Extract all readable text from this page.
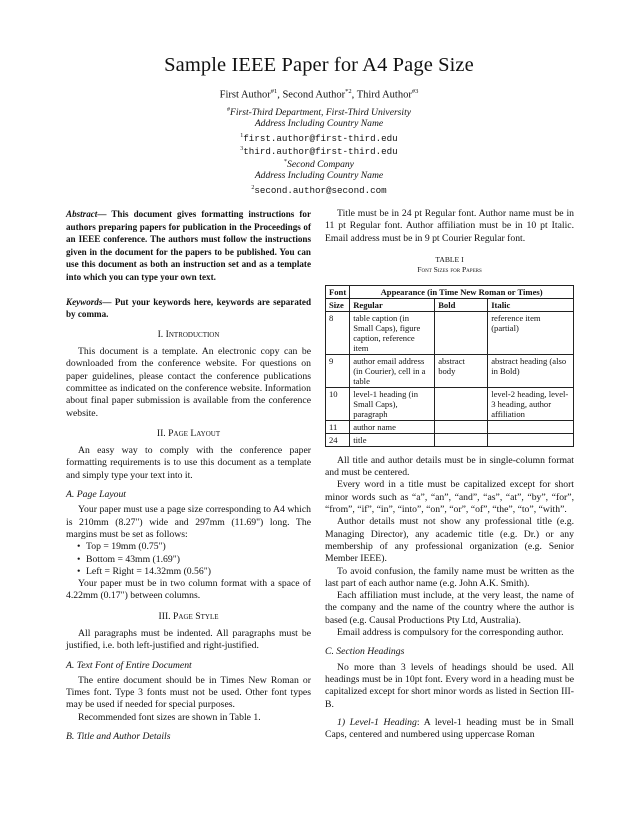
Sample IEEE Paper for A4 Page Size
First Author$^{\#1}$, Second Author$^{*2}$, Third Author$^{\#3}$
#First-Third Department, First-Third University
Address Including Country Name
$^1$first.author@first-third.edu
$^3$third.author@first-third.edu
*Second Company
Address Including Country Name
$^2$second.author@second.com

Abstract— This document gives formatting instructions for authors preparing papers for publication in the Proceedings of an IEEE conference. The authors must follow the instructions given in the document for the papers to be published. You can use this document as both an instruction set and as a template into which you can type your own text.

Keywords— Put your keywords here, keywords are separated by comma.

I. Introduction

This document is a template. An electronic copy can be downloaded from the conference website. For questions on paper guidelines, please contact the conference publications committee as indicated on the conference website. Information about final paper submission is available from the conference website.

II. Page Layout

An easy way to comply with the conference paper formatting requirements is to use this document as a template and simply type your text into it.

A. Page Layout

Your paper must use a page size corresponding to A4 which is 210mm (8.27") wide and 297mm (11.69") long. The margins must be set as follows:

• Top = 19mm (0.75")
• Bottom = 43mm (1.69")
• Left = Right = 14.32mm (0.56")

Your paper must be in two column format with a space of 4.22mm (0.17") between columns.

III. Page Style

All paragraphs must be indented. All paragraphs must be justified, i.e. both left-justified and right-justified.

A. Text Font of Entire Document

The entire document should be in Times New Roman or Times font. Type 3 fonts must not be used. Other font types may be used if needed for special purposes.

Recommended font sizes are shown in Table 1.

B. Title and Author Details

Title must be in 24 pt Regular font. Author name must be in 11 pt Regular font. Author affiliation must be in 10 pt Italic. Email address must be in 9 pt Courier Regular font.

TABLE I
Font Sizes for Papers
Font	Appearance (in Time New Roman or Times)		
Size	Regular	Bold	Italic
8	table caption (in Small Caps), figure caption, reference item		reference item (partial)
9	author email address (in Courier), cell in a table	abstract body	abstract heading (also in Bold)
10	level-1 heading (in Small Caps), paragraph		level-2 heading, level-3 heading, author affiliation
11	author name		
24	title		

All title and author details must be in single-column format and must be centered.

Every word in a title must be capitalized except for short minor words such as “a”, “an”, “and”, “as”, “at”, “by”, “for”, “from”, “if”, “in”, “into”, “on”, “or”, “of”, “the”, “to”, “with”.

Author details must not show any professional title (e.g. Managing Director), any academic title (e.g. Dr.) or any membership of any professional organization (e.g. Senior Member IEEE).

To avoid confusion, the family name must be written as the last part of each author name (e.g. John A.K. Smith).

Each affiliation must include, at the very least, the name of the company and the name of the country where the author is based (e.g. Causal Productions Pty Ltd, Australia).

Email address is compulsory for the corresponding author.

C. Section Headings

No more than 3 levels of headings should be used. All headings must be in 10pt font. Every word in a heading must be capitalized except for short minor words as listed in Section III-B.

1) Level-1 Heading: A level-1 heading must be in Small Caps, centered and numbered using uppercase Roman
